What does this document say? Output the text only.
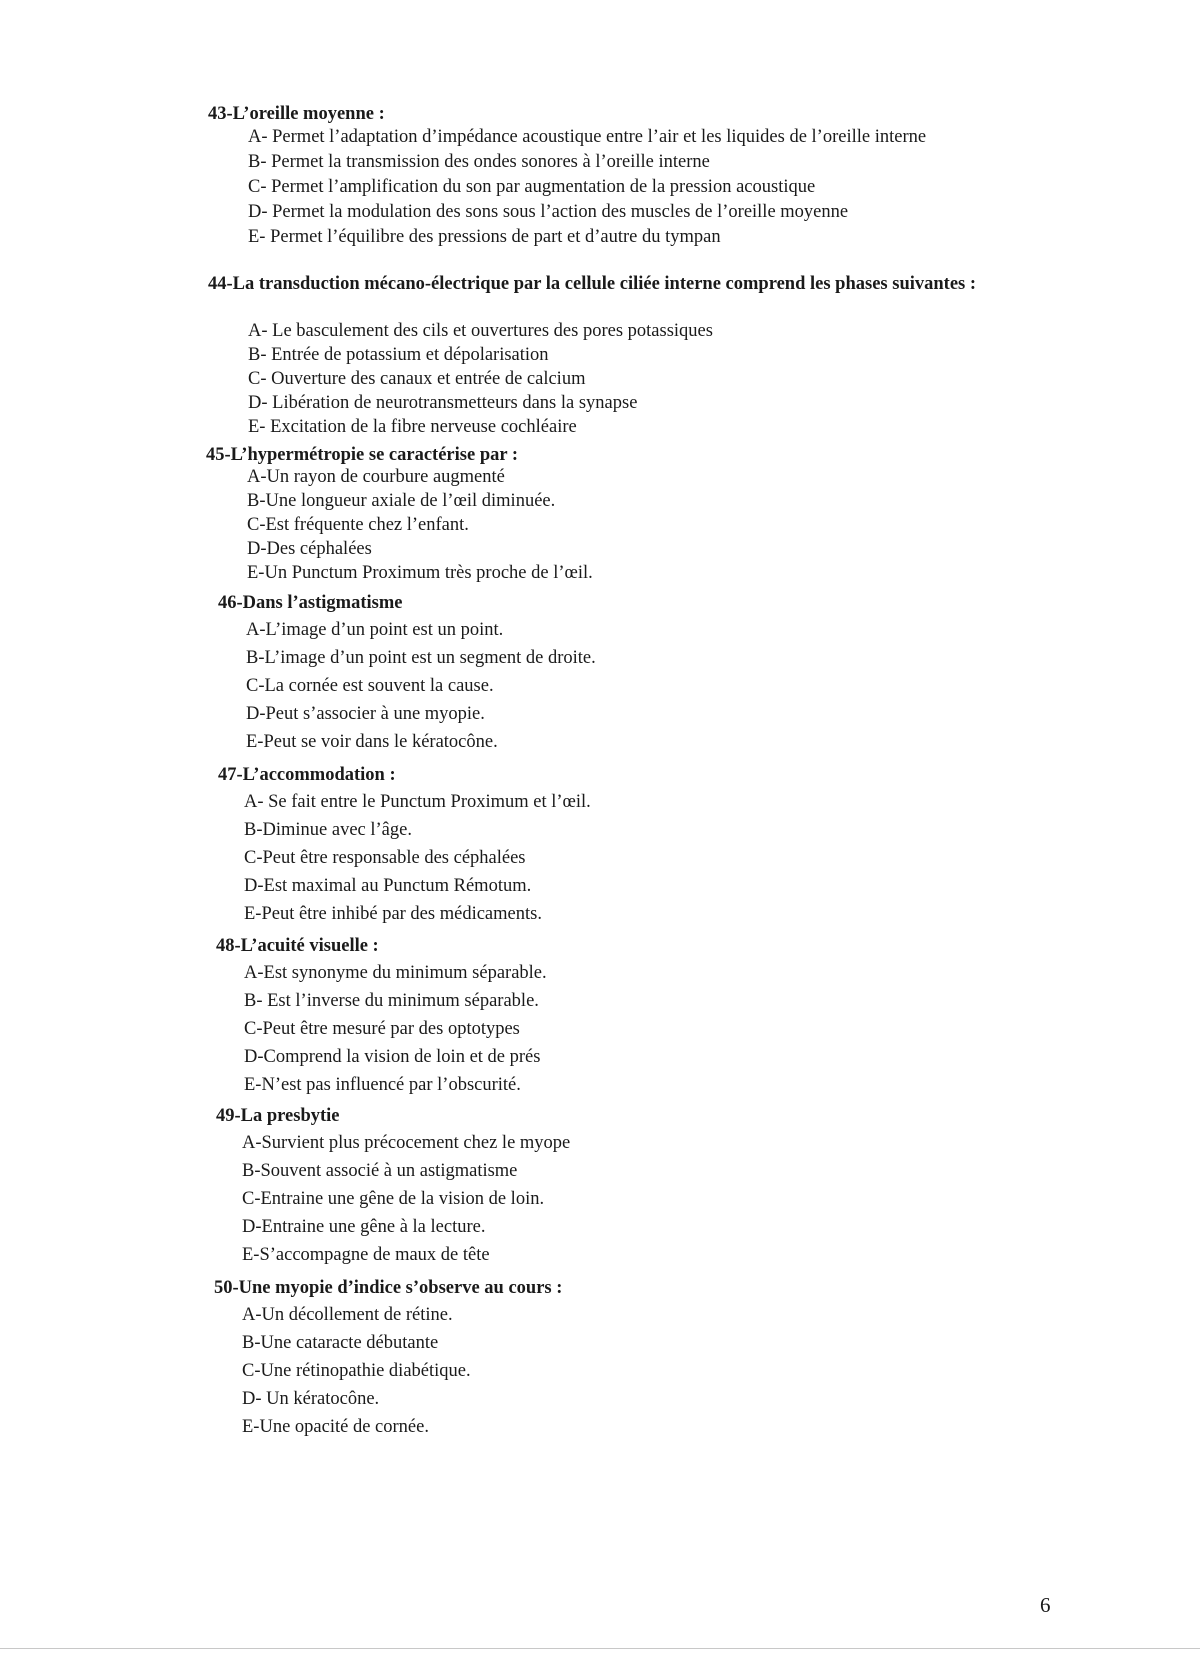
43-L’oreille moyenne :
A- Permet l’adaptation d’impédance acoustique entre l’air et les liquides de l’oreille interne
B- Permet la transmission des ondes sonores à l’oreille interne
C- Permet l’amplification du son par augmentation de la pression acoustique
D- Permet la modulation des sons sous l’action des muscles de l’oreille moyenne
E- Permet l’équilibre des pressions de part et d’autre du tympan
44-La transduction mécano-électrique par la cellule ciliée interne comprend les phases suivantes :
A- Le basculement des cils et ouvertures des pores potassiques
B- Entrée de potassium et dépolarisation
C- Ouverture des canaux et entrée de calcium
D- Libération de neurotransmetteurs dans la synapse
E- Excitation de la fibre nerveuse cochléaire
45-L’hypermétropie se caractérise par :
A-Un rayon de courbure augmenté
B-Une longueur axiale de l’œil diminuée.
C-Est fréquente chez l’enfant.
D-Des céphalées
E-Un Punctum Proximum très proche de l’œil.
46-Dans l’astigmatisme
A-L’image d’un point est un point.
B-L’image d’un point est un segment de droite.
C-La cornée est souvent la cause.
D-Peut s’associer à une myopie.
E-Peut se voir dans le kératocône.
47-L’accommodation :
A- Se fait entre le Punctum Proximum et l’œil.
B-Diminue avec l’âge.
C-Peut être responsable des céphalées
D-Est maximal au Punctum Rémotum.
E-Peut être inhibé par des médicaments.
48-L’acuité visuelle :
A-Est synonyme du minimum séparable.
B- Est l’inverse du minimum séparable.
C-Peut être mesuré par des optotypes
D-Comprend la vision de loin et de prés
E-N’est pas influencé par l’obscurité.
49-La presbytie
A-Survient plus précocement chez le myope
B-Souvent associé à un astigmatisme
C-Entraine une gêne de la vision de loin.
D-Entraine une gêne à la lecture.
E-S’accompagne de maux de tête
50-Une myopie d’indice s’observe au cours :
A-Un décollement de rétine.
B-Une cataracte débutante
C-Une rétinopathie diabétique.
D- Un kératocône.
E-Une opacité de cornée.
6
